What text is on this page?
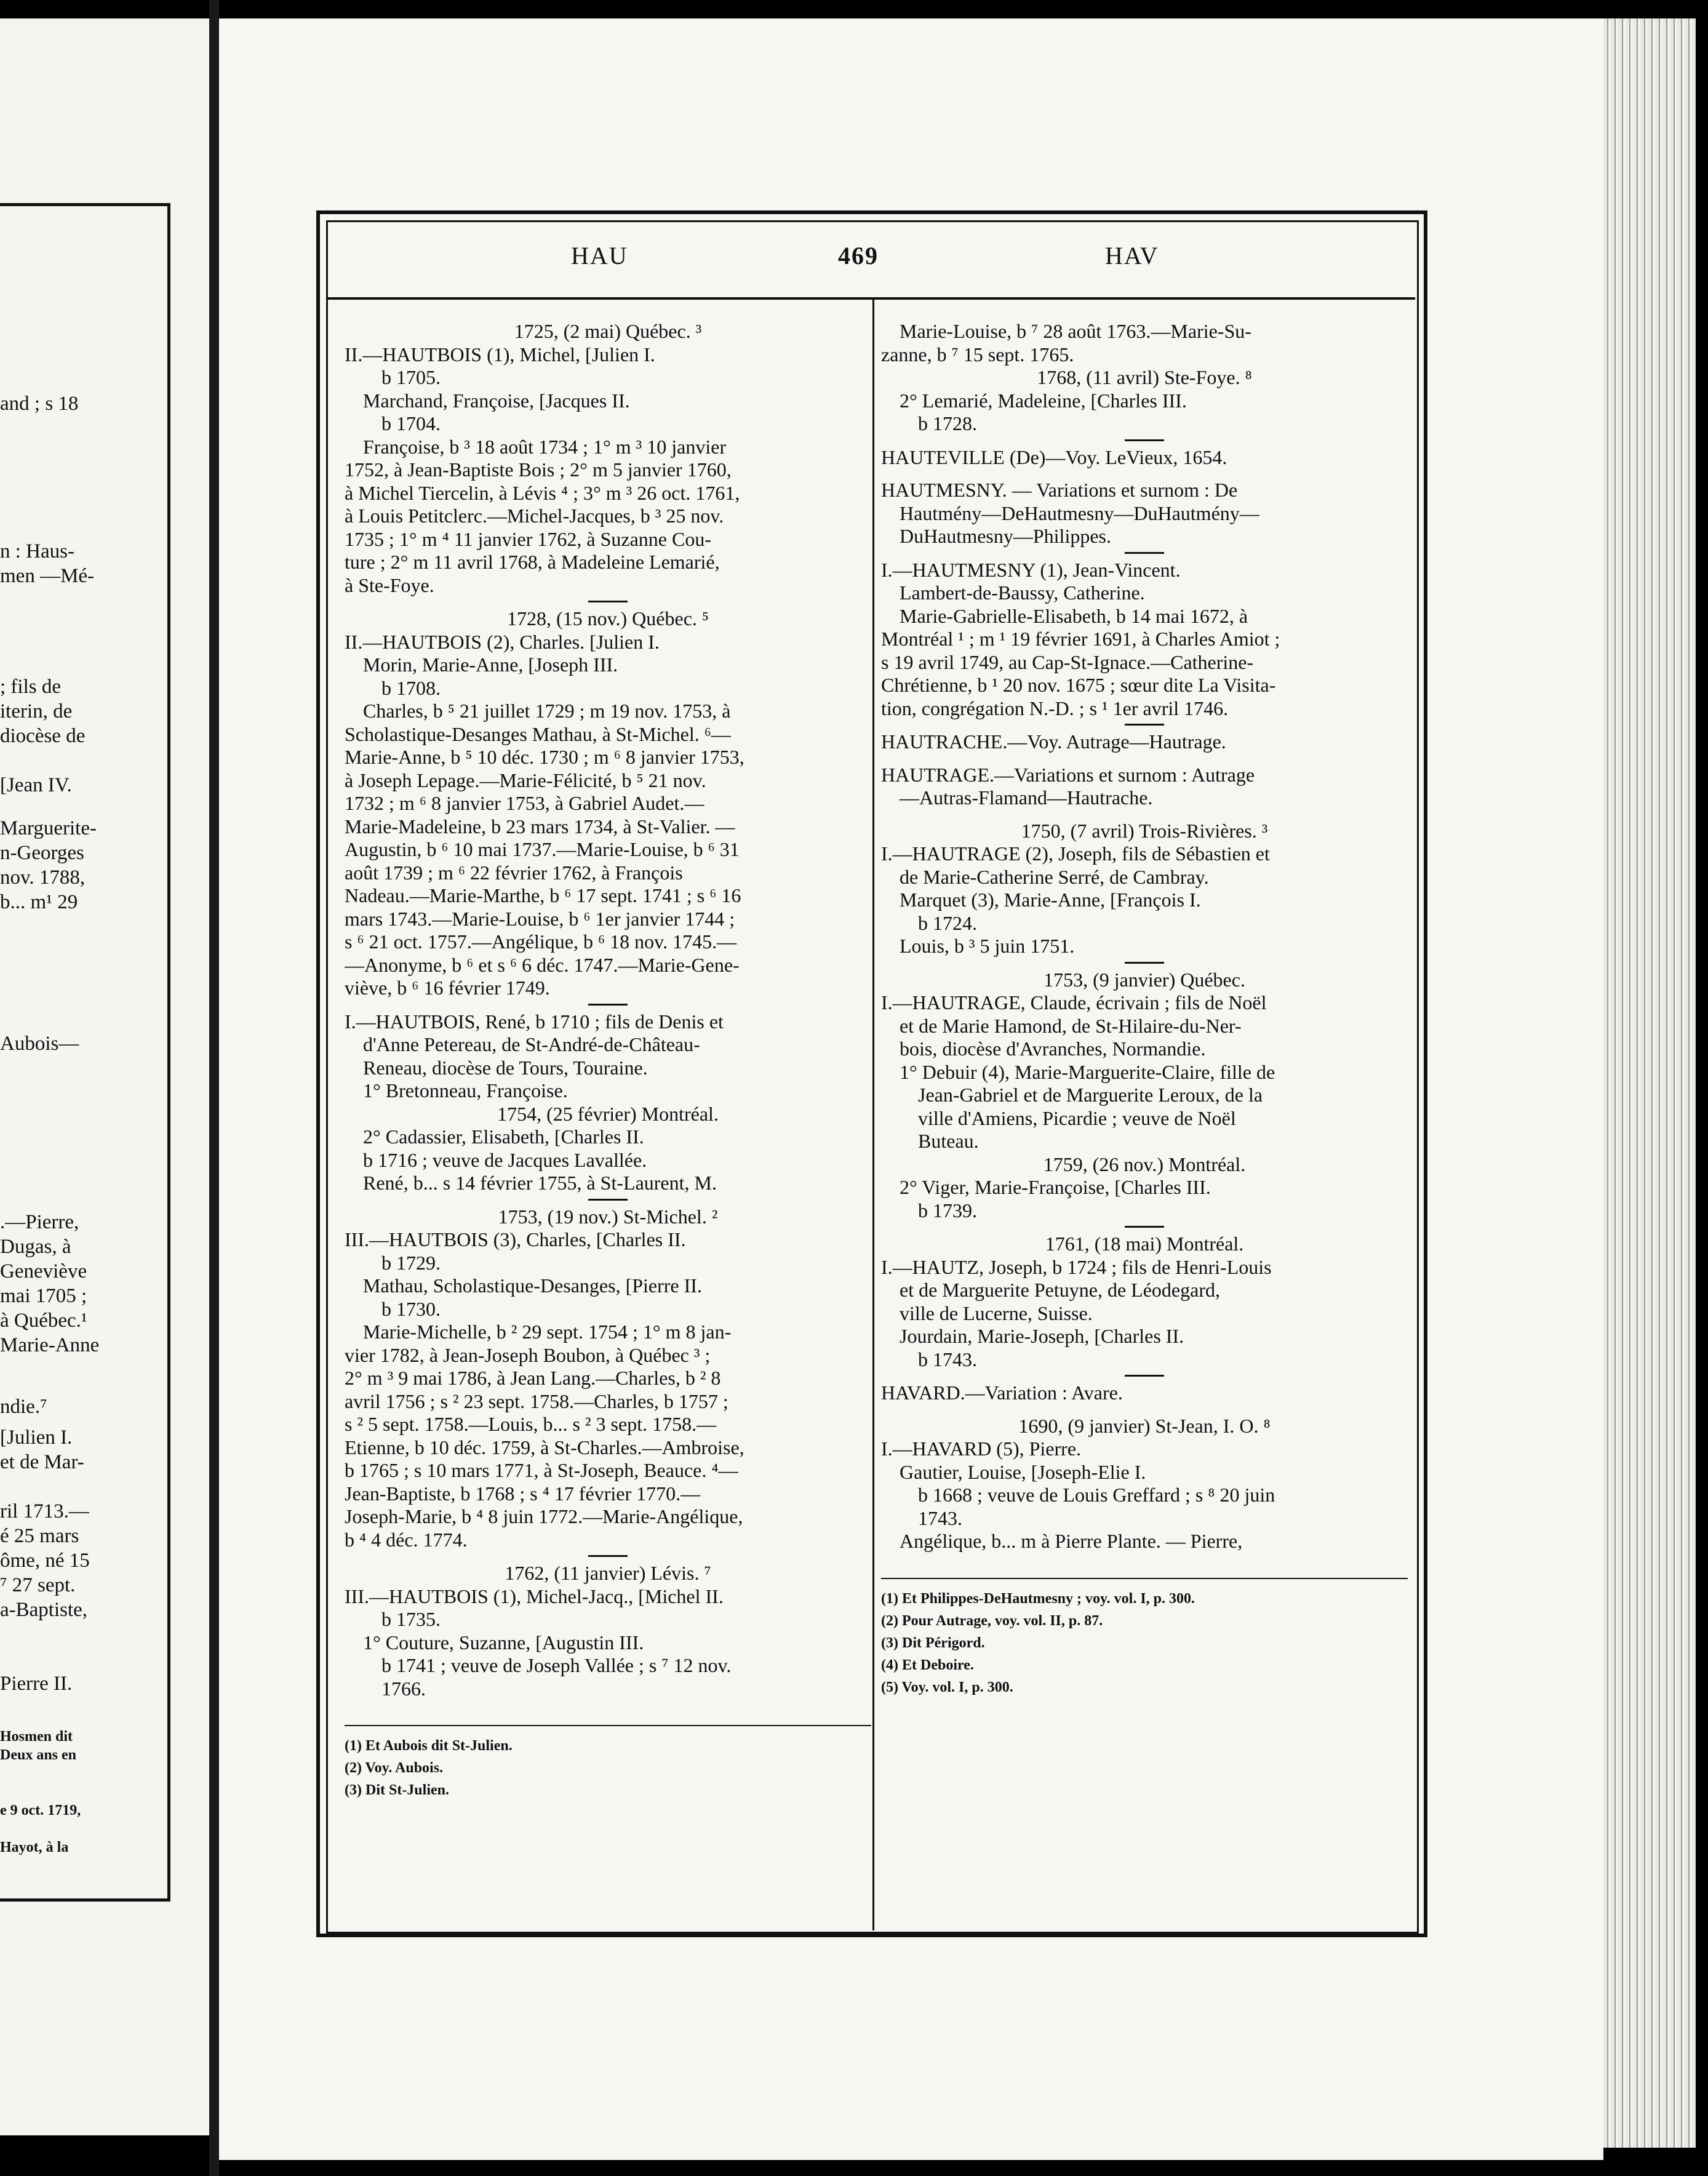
and ; s 18
n : Haus-
men —Mé-
; fils de
iterin, de
diocèse de
[Jean IV.
Marguerite-
n-Georges
nov. 1788,
b... m¹ 29
Aubois—
.—Pierre,
Dugas, à
Geneviève
mai 1705 ;
à Québec.¹
Marie-Anne
ndie.⁷
[Julien I.
et de Mar-
ril 1713.—
é 25 mars
ôme, né 15
⁷ 27 sept.
a-Baptiste,
Pierre II.
Hosmen dit
Deux ans en
e 9 oct. 1719,
Hayot, à la
HAU	469	HAV
1725, (2 mai) Québec. ³
II.—HAUTBOIS (1), Michel, [Julien I.
b 1705.
Marchand, Françoise, [Jacques II.
b 1704.
Françoise, b ³ 18 août 1734 ; 1° m ³ 10 janvier
1752, à Jean-Baptiste Bois ; 2° m 5 janvier 1760,
à Michel Tiercelin, à Lévis ⁴ ; 3° m ³ 26 oct. 1761,
à Louis Petitclerc.—Michel-Jacques, b ³ 25 nov.
1735 ; 1° m ⁴ 11 janvier 1762, à Suzanne Cou-
ture ; 2° m 11 avril 1768, à Madeleine Lemarié,
à Ste-Foye.
1728, (15 nov.) Québec. ⁵
II.—HAUTBOIS (2), Charles. [Julien I.
Morin, Marie-Anne, [Joseph III.
b 1708.
Charles, b ⁵ 21 juillet 1729 ; m 19 nov. 1753, à
Scholastique-Desanges Mathau, à St-Michel. ⁶—
Marie-Anne, b ⁵ 10 déc. 1730 ; m ⁶ 8 janvier 1753,
à Joseph Lepage.—Marie-Félicité, b ⁵ 21 nov.
1732 ; m ⁶ 8 janvier 1753, à Gabriel Audet.—
Marie-Madeleine, b 23 mars 1734, à St-Valier. —
Augustin, b ⁶ 10 mai 1737.—Marie-Louise, b ⁶ 31
août 1739 ; m ⁶ 22 février 1762, à François
Nadeau.—Marie-Marthe, b ⁶ 17 sept. 1741 ; s ⁶ 16
mars 1743.—Marie-Louise, b ⁶ 1er janvier 1744 ;
s ⁶ 21 oct. 1757.—Angélique, b ⁶ 18 nov. 1745.—
—Anonyme, b ⁶ et s ⁶ 6 déc. 1747.—Marie-Gene-
viève, b ⁶ 16 février 1749.
I.—HAUTBOIS, René, b 1710 ; fils de Denis et
d'Anne Petereau, de St-André-de-Château-
Reneau, diocèse de Tours, Touraine.
1° Bretonneau, Françoise.
1754, (25 février) Montréal.
2° Cadassier, Elisabeth, [Charles II.
b 1716 ; veuve de Jacques Lavallée.
René, b... s 14 février 1755, à St-Laurent, M.
1753, (19 nov.) St-Michel. ²
III.—HAUTBOIS (3), Charles, [Charles II.
b 1729.
Mathau, Scholastique-Desanges, [Pierre II.
b 1730.
Marie-Michelle, b ² 29 sept. 1754 ; 1° m 8 jan-
vier 1782, à Jean-Joseph Boubon, à Québec ³ ;
2° m ³ 9 mai 1786, à Jean Lang.—Charles, b ² 8
avril 1756 ; s ² 23 sept. 1758.—Charles, b 1757 ;
s ² 5 sept. 1758.—Louis, b... s ² 3 sept. 1758.—
Etienne, b 10 déc. 1759, à St-Charles.—Ambroise,
b 1765 ; s 10 mars 1771, à St-Joseph, Beauce. ⁴—
Jean-Baptiste, b 1768 ; s ⁴ 17 février 1770.—
Joseph-Marie, b ⁴ 8 juin 1772.—Marie-Angélique,
b ⁴ 4 déc. 1774.
1762, (11 janvier) Lévis. ⁷
III.—HAUTBOIS (1), Michel-Jacq., [Michel II.
b 1735.
1° Couture, Suzanne, [Augustin III.
b 1741 ; veuve de Joseph Vallée ; s ⁷ 12 nov.
1766.
(1) Et Aubois dit St-Julien.
(2) Voy. Aubois.
(3) Dit St-Julien.
Marie-Louise, b ⁷ 28 août 1763.—Marie-Su-
zanne, b ⁷ 15 sept. 1765.
1768, (11 avril) Ste-Foye. ⁸
2° Lemarié, Madeleine, [Charles III.
b 1728.
HAUTEVILLE (De)—Voy. LeVieux, 1654.
HAUTMESNY. — Variations et surnom : De
Hautmény—DeHautmesny—DuHautmény—
DuHautmesny—Philippes.
I.—HAUTMESNY (1), Jean-Vincent.
Lambert-de-Baussy, Catherine.
Marie-Gabrielle-Elisabeth, b 14 mai 1672, à
Montréal ¹ ; m ¹ 19 février 1691, à Charles Amiot ;
s 19 avril 1749, au Cap-St-Ignace.—Catherine-
Chrétienne, b ¹ 20 nov. 1675 ; sœur dite La Visita-
tion, congrégation N.-D. ; s ¹ 1er avril 1746.
HAUTRACHE.—Voy. Autrage—Hautrage.
HAUTRAGE.—Variations et surnom : Autrage
—Autras-Flamand—Hautrache.
1750, (7 avril) Trois-Rivières. ³
I.—HAUTRAGE (2), Joseph, fils de Sébastien et
de Marie-Catherine Serré, de Cambray.
Marquet (3), Marie-Anne, [François I.
b 1724.
Louis, b ³ 5 juin 1751.
1753, (9 janvier) Québec.
I.—HAUTRAGE, Claude, écrivain ; fils de Noël
et de Marie Hamond, de St-Hilaire-du-Ner-
bois, diocèse d'Avranches, Normandie.
1° Debuir (4), Marie-Marguerite-Claire, fille de
Jean-Gabriel et de Marguerite Leroux, de la
ville d'Amiens, Picardie ; veuve de Noël
Buteau.
1759, (26 nov.) Montréal.
2° Viger, Marie-Françoise, [Charles III.
b 1739.
1761, (18 mai) Montréal.
I.—HAUTZ, Joseph, b 1724 ; fils de Henri-Louis
et de Marguerite Petuyne, de Léodegard,
ville de Lucerne, Suisse.
Jourdain, Marie-Joseph, [Charles II.
b 1743.
HAVARD.—Variation : Avare.
1690, (9 janvier) St-Jean, I. O. ⁸
I.—HAVARD (5), Pierre.
Gautier, Louise, [Joseph-Elie I.
b 1668 ; veuve de Louis Greffard ; s ⁸ 20 juin
1743.
Angélique, b... m à Pierre Plante. — Pierre,
(1) Et Philippes-DeHautmesny ; voy. vol. I, p. 300.
(2) Pour Autrage, voy. vol. II, p. 87.
(3) Dit Périgord.
(4) Et Deboire.
(5) Voy. vol. I, p. 300.
